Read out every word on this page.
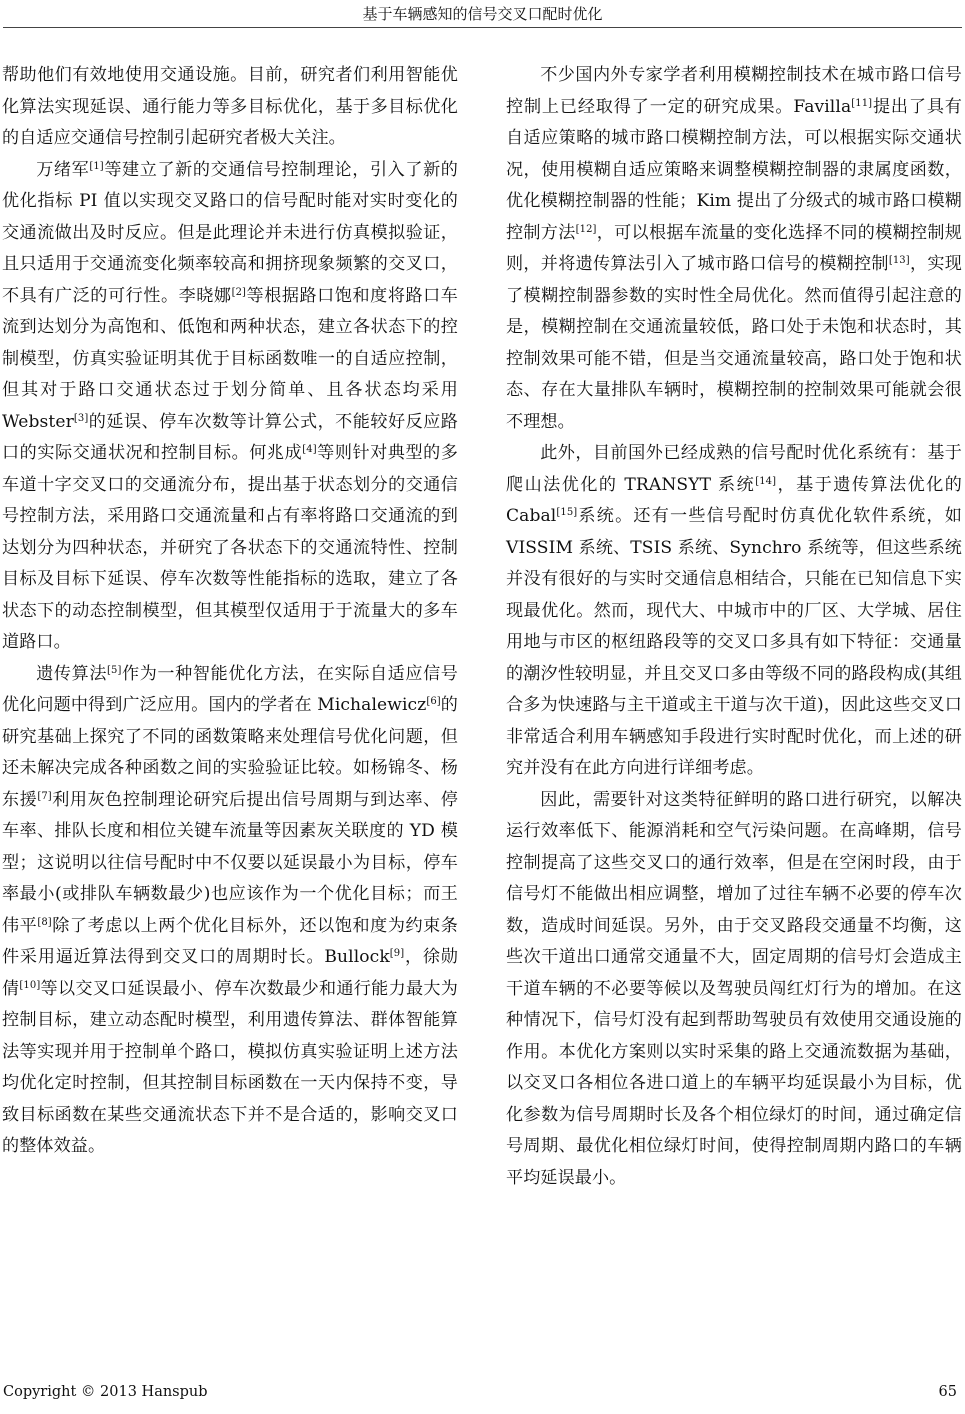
基于车辆感知的信号交叉口配时优化

帮助他们有效地使用交通设施。目前，研究者们利用智能优化算法实现延误、通行能力等多目标优化，基于多目标优化的自适应交通信号控制引起研究者极大关注。

万绪军[1]等建立了新的交通信号控制理论，引入了新的优化指标 PI 值以实现交叉路口的信号配时能对实时变化的交通流做出及时反应。但是此理论并未进行仿真模拟验证，且只适用于交通流变化频率较高和拥挤现象频繁的交叉口，不具有广泛的可行性。李晓娜[2]等根据路口饱和度将路口车流到达划分为高饱和、低饱和两种状态，建立各状态下的控制模型，仿真实验证明其优于目标函数唯一的自适应控制，但其对于路口交通状态过于划分简单、且各状态均采用 Webster[3]的延误、停车次数等计算公式，不能较好反应路口的实际交通状况和控制目标。何兆成[4]等则针对典型的多车道十字交叉口的交通流分布，提出基于状态划分的交通信号控制方法，采用路口交通流量和占有率将路口交通流的到达划分为四种状态，并研究了各状态下的交通流特性、控制目标及目标下延误、停车次数等性能指标的选取，建立了各状态下的动态控制模型，但其模型仅适用于于流量大的多车道路口。

遗传算法[5]作为一种智能优化方法，在实际自适应信号优化问题中得到广泛应用。国内的学者在 Michalewicz[6]的研究基础上探究了不同的函数策略来处理信号优化问题，但还未解决完成各种函数之间的实验验证比较。如杨锦冬、杨东援[7]利用灰色控制理论研究后提出信号周期与到达率、停车率、排队长度和相位关键车流量等因素灰关联度的 YD 模型；这说明以往信号配时中不仅要以延误最小为目标，停车率最小(或排队车辆数最少)也应该作为一个优化目标；而王伟平[8]除了考虑以上两个优化目标外，还以饱和度为约束条件采用逼近算法得到交叉口的周期时长。Bullock[9]，徐勋倩[10]等以交叉口延误最小、停车次数最少和通行能力最大为控制目标，建立动态配时模型，利用遗传算法、群体智能算法等实现并用于控制单个路口，模拟仿真实验证明上述方法均优化定时控制，但其控制目标函数在一天内保持不变，导致目标函数在某些交通流状态下并不是合适的，影响交叉口的整体效益。

不少国内外专家学者利用模糊控制技术在城市路口信号控制上已经取得了一定的研究成果。Favilla[11]提出了具有自适应策略的城市路口模糊控制方法，可以根据实际交通状况，使用模糊自适应策略来调整模糊控制器的隶属度函数，优化模糊控制器的性能；Kim 提出了分级式的城市路口模糊控制方法[12]，可以根据车流量的变化选择不同的模糊控制规则，并将遗传算法引入了城市路口信号的模糊控制[13]，实现了模糊控制器参数的实时性全局优化。然而值得引起注意的是，模糊控制在交通流量较低，路口处于未饱和状态时，其控制效果可能不错，但是当交通流量较高，路口处于饱和状态、存在大量排队车辆时，模糊控制的控制效果可能就会很不理想。

此外，目前国外已经成熟的信号配时优化系统有：基于爬山法优化的 TRANSYT 系统[14]，基于遗传算法优化的 Cabal[15]系统。还有一些信号配时仿真优化软件系统，如 VISSIM 系统、TSIS 系统、Synchro 系统等，但这些系统并没有很好的与实时交通信息相结合，只能在已知信息下实现最优化。然而，现代大、中城市中的厂区、大学城、居住用地与市区的枢纽路段等的交叉口多具有如下特征：交通量的潮汐性较明显，并且交叉口多由等级不同的路段构成(其组合多为快速路与主干道或主干道与次干道)，因此这些交叉口非常适合利用车辆感知手段进行实时配时优化，而上述的研究并没有在此方向进行详细考虑。

因此，需要针对这类特征鲜明的路口进行研究，以解决运行效率低下、能源消耗和空气污染问题。在高峰期，信号控制提高了这些交叉口的通行效率，但是在空闲时段，由于信号灯不能做出相应调整，增加了过往车辆不必要的停车次数，造成时间延误。另外，由于交叉路段交通量不均衡，这些次干道出口通常交通量不大，固定周期的信号灯会造成主干道车辆的不必要等候以及驾驶员闯红灯行为的增加。在这种情况下，信号灯没有起到帮助驾驶员有效使用交通设施的作用。本优化方案则以实时采集的路上交通流数据为基础，以交叉口各相位各进口道上的车辆平均延误最小为目标，优化参数为信号周期时长及各个相位绿灯的时间，通过确定信号周期、最优化相位绿灯时间，使得控制周期内路口的车辆平均延误最小。

Copyright © 2013 Hanspub	65
